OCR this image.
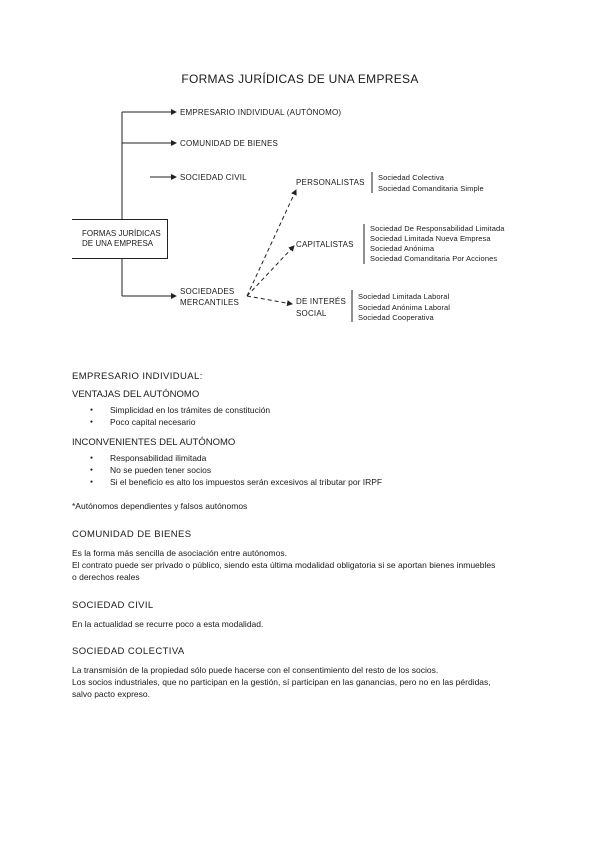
FORMAS JURÍDICAS DE UNA EMPRESA
FORMAS JURÍDICAS
DE UNA EMPRESA
EMPRESARIO INDIVIDUAL (AUTÓNOMO)
COMUNIDAD DE BIENES
SOCIEDAD CIVIL
SOCIEDADES
MERCANTILES
PERSONALISTAS
Sociedad Colectiva
Sociedad Comanditaria Simple
CAPITALISTAS
Sociedad De Responsabilidad Limitada
Sociedad Limitada Nueva Empresa
Sociedad Anónima
Sociedad Comanditaria Por Acciones
DE INTERÉS
SOCIAL
Sociedad Limitada Laboral
Sociedad Anónima Laboral
Sociedad Cooperativa
EMPRESARIO INDIVIDUAL:
VENTAJAS DEL AUTÓNOMO
● Simplicidad en los trámites de constitución
● Poco capital necesario
INCONVENIENTES DEL AUTÓNOMO
● Responsabilidad ilimitada
● No se pueden tener socios
● Si el beneficio es alto los impuestos serán excesivos al tributar por IRPF
*Autónomos dependientes y falsos autónomos
COMUNIDAD DE BIENES
Es la forma más sencilla de asociación entre autónomos.
El contrato puede ser privado o público, siendo esta última modalidad obligatoria si se aportan bienes inmuebles
o derechos reales
SOCIEDAD CIVIL
En la actualidad se recurre poco a esta modalidad.
SOCIEDAD COLECTIVA
La transmisión de la propiedad sólo puede hacerse con el consentimiento del resto de los socios.
Los socios industriales, que no participan en la gestión, sí participan en las ganancias, pero no en las pérdidas,
salvo pacto expreso.
